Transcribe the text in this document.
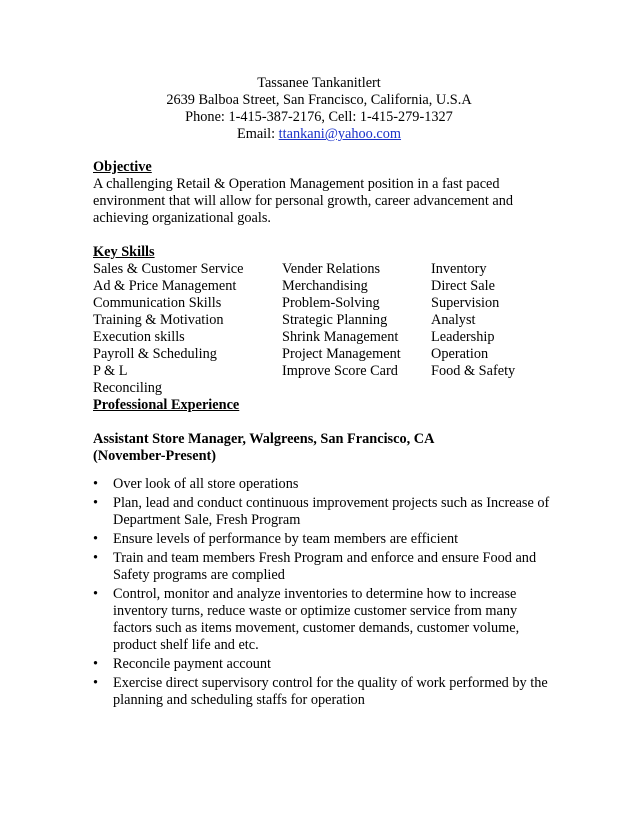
Tassanee Tankanitlert
2639 Balboa Street, San Francisco, California, U.S.A
Phone: 1-415-387-2176, Cell: 1-415-279-1327
Email: ttankani@yahoo.com
Objective
A challenging Retail & Operation Management position in a fast paced environment that will allow for personal growth, career advancement and achieving organizational goals.
Key Skills
Sales & Customer Service
Ad & Price Management
Communication Skills
Training & Motivation
Execution skills
Payroll & Scheduling
P & L
Reconciling
Vender Relations
Merchandising
Problem-Solving
Strategic Planning
Shrink Management
Project Management
Improve Score Card
Inventory
Direct Sale
Supervision
Analyst
Leadership
Operation
Food & Safety
Professional Experience
Assistant Store Manager, Walgreens, San Francisco, CA
(November-Present)
• Over look of all store operations
• Plan, lead and conduct continuous improvement projects such as Increase of Department Sale, Fresh Program
• Ensure levels of performance by team members are efficient
• Train and team members Fresh Program and enforce and ensure Food and Safety programs are complied
• Control, monitor and analyze inventories to determine how to increase inventory turns, reduce waste or optimize customer service from many factors such as items movement, customer demands, customer volume, product shelf life and etc.
• Reconcile payment account
• Exercise direct supervisory control for the quality of work performed by the planning and scheduling staffs for operation
